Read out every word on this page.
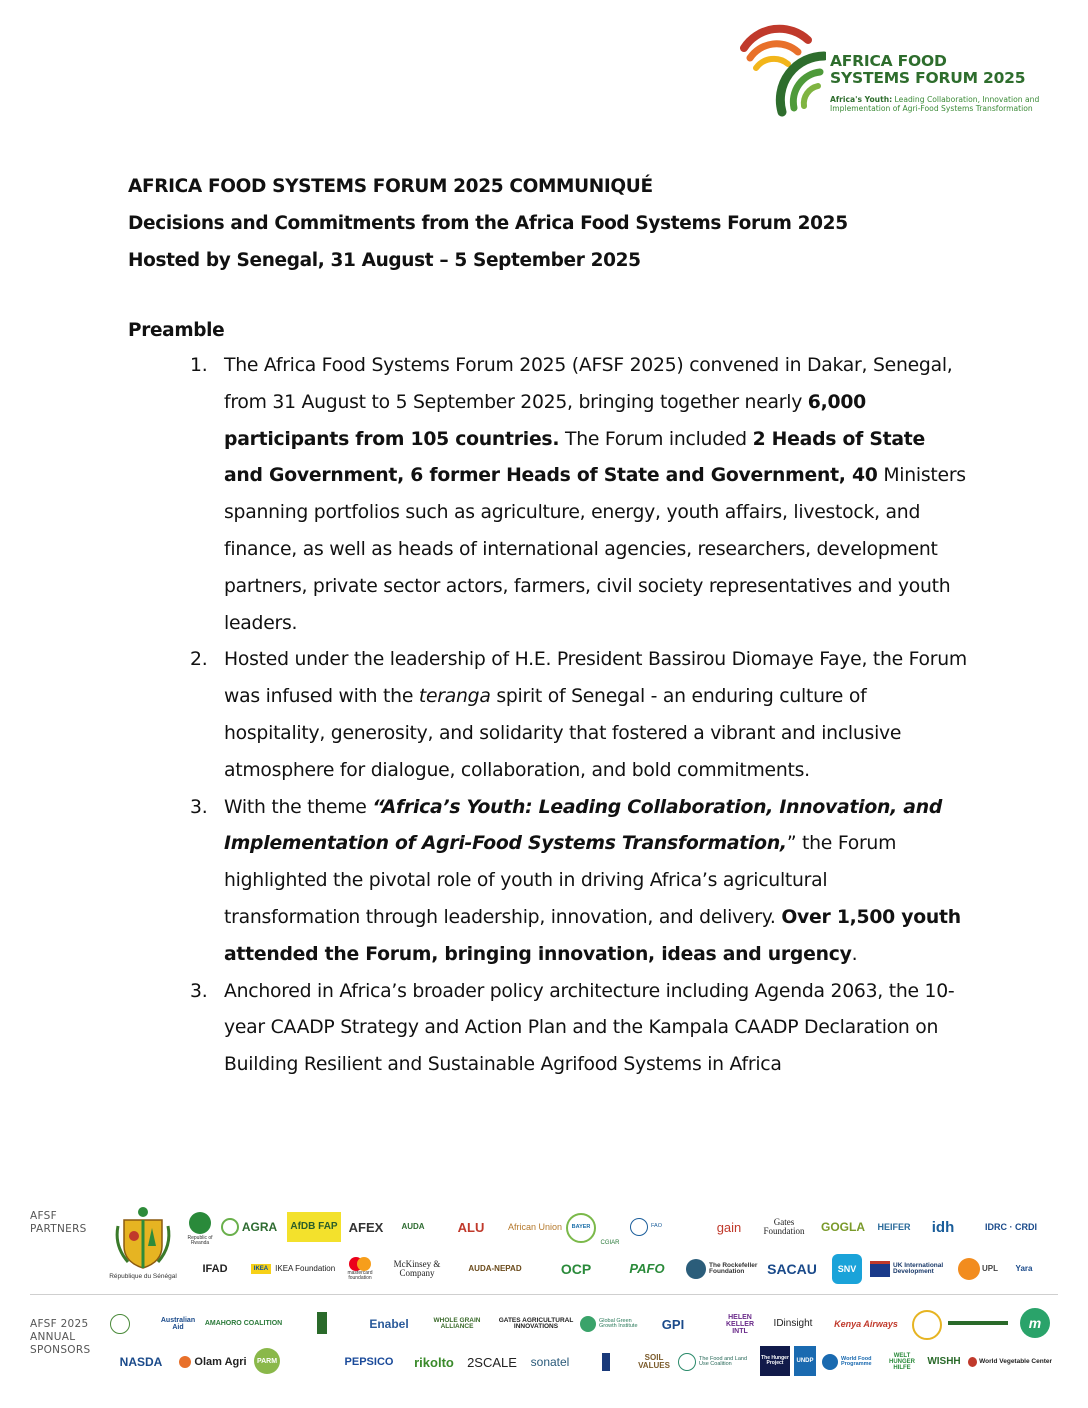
AFRICA FOOD
SYSTEMS FORUM 2025
Africa's Youth: Leading Collaboration, Innovation and
Implementation of Agri-Food Systems Transformation
AFRICA FOOD SYSTEMS FORUM 2025 COMMUNIQUÉ
Decisions and Commitments from the Africa Food Systems Forum 2025
Hosted by Senegal, 31 August – 5 September 2025
Preamble
1. The Africa Food Systems Forum 2025 (AFSF 2025) convened in Dakar, Senegal, from 31 August to 5 September 2025, bringing together nearly 6,000 participants from 105 countries. The Forum included 2 Heads of State and Government, 6 former Heads of State and Government, 40 Ministers spanning portfolios such as agriculture, energy, youth affairs, livestock, and finance, as well as heads of international agencies, researchers, development partners, private sector actors, farmers, civil society representatives and youth leaders.
2. Hosted under the leadership of H.E. President Bassirou Diomaye Faye, the Forum was infused with the teranga spirit of Senegal - an enduring culture of hospitality, generosity, and solidarity that fostered a vibrant and inclusive atmosphere for dialogue, collaboration, and bold commitments.
3. With the theme “Africa’s Youth: Leading Collaboration, Innovation, and Implementation of Agri-Food Systems Transformation,” the Forum highlighted the pivotal role of youth in driving Africa’s agricultural transformation through leadership, innovation, and delivery. Over 1,500 youth attended the Forum, bringing innovation, ideas and urgency.
3. Anchored in Africa’s broader policy architecture including Agenda 2063, the 10-year CAADP Strategy and Action Plan and the Kampala CAADP Declaration on Building Resilient and Sustainable Agrifood Systems in Africa
AFSF
PARTNERS
République du Sénégal
Republic of Rwanda
AGRA	AfDB FAP AFEX	AUDA	ALU	African Union	BAYER
CGIAR
FAO	gain	Gates Foundation	GOGLA	HEIFER	idh	IDRC · CRDI
IFAD	IKEA IKEA Foundation	mastercard foundation
McKinsey & Company	AUDA-NEPAD	OCP	PAFO	The Rockefeller Foundation	SACAU	SNV	UK International Development	UPL	Yara
AFSF 2025
ANNUAL
SPONSORS
Australian Aid
AMAHORO COALITION	Enabel	WHOLE GRAIN ALLIANCE
GATES AGRICULTURAL INNOVATIONS
Global Green Growth Institute	GPI	HELEN KELLER INTL
IDinsight	Kenya Airways	m
NASDA	Olam Agri	PARM	PEPSICO	rikolto	2SCALE	sonatel	SOIL VALUES
The Food and Land Use Coalition
The Hunger Project	UNDP	World Food Programme
WELT HUNGER HILFE
WISHH	World Vegetable Center
